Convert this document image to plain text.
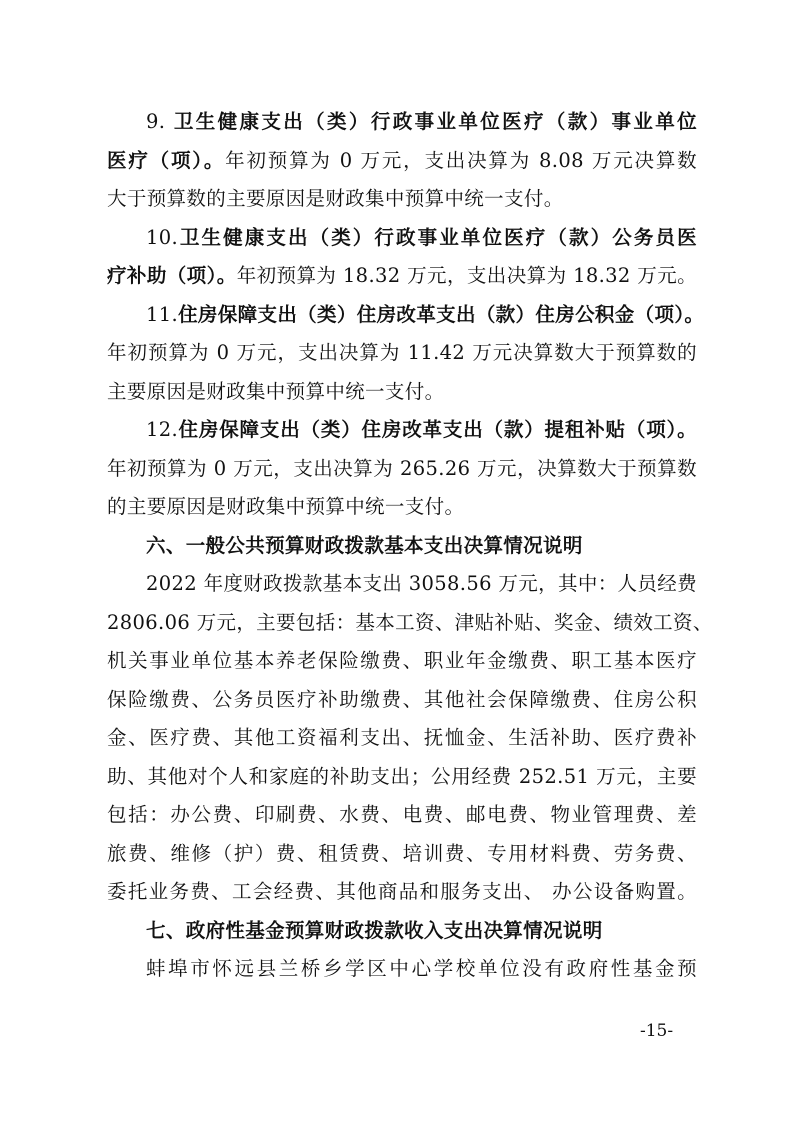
9. 卫生健康支出（类）行政事业单位医疗（款）事业单位
医疗（项）。年初预算为 0 万元，支出决算为 8.08 万元决算数
大于预算数的主要原因是财政集中预算中统一支付。
10.卫生健康支出（类）行政事业单位医疗（款）公务员医
疗补助（项）。年初预算为 18.32 万元，支出决算为 18.32 万元。
11.住房保障支出（类）住房改革支出（款）住房公积金（项）。
年初预算为 0 万元，支出决算为 11.42 万元决算数大于预算数的
主要原因是财政集中预算中统一支付。
12.住房保障支出（类）住房改革支出（款）提租补贴（项）。
年初预算为 0 万元，支出决算为 265.26 万元，决算数大于预算数
的主要原因是财政集中预算中统一支付。
六、一般公共预算财政拨款基本支出决算情况说明
2022 年度财政拨款基本支出 3058.56 万元，其中：人员经费
2806.06 万元，主要包括：基本工资、津贴补贴、奖金、绩效工资、
机关事业单位基本养老保险缴费、职业年金缴费、职工基本医疗
保险缴费、公务员医疗补助缴费、其他社会保障缴费、住房公积
金、医疗费、其他工资福利支出、抚恤金、生活补助、医疗费补
助、其他对个人和家庭的补助支出；公用经费 252.51 万元，主要
包括：办公费、印刷费、水费、电费、邮电费、物业管理费、差
旅费、维修（护）费、租赁费、培训费、专用材料费、劳务费、
委托业务费、工会经费、其他商品和服务支出、 办公设备购置。
七、政府性基金预算财政拨款收入支出决算情况说明
蚌埠市怀远县兰桥乡学区中心学校单位没有政府性基金预
-15-
